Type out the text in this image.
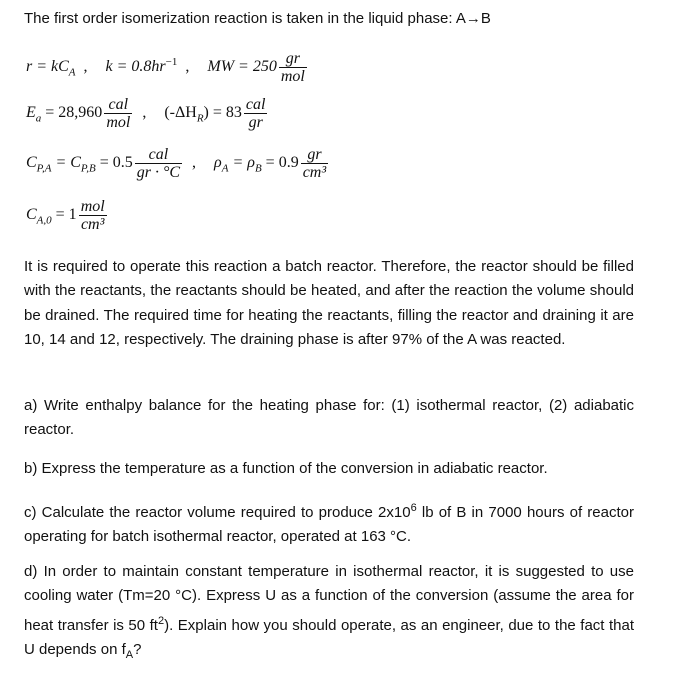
The first order isomerization reaction is taken in the liquid phase: A→B
$r = kC_A$ , $k = 0.8hr^{-1}$ , MW = $250 \frac{gr}{\text{mol}}$
$E_a = 28,960 \frac{\text{cal}}{\text{mol}}$ , $(-\Delta H_R) = 83 \frac{\text{cal}}{gr}$
$C_{P,A} = C_{P,B} = 0.5 \frac{\text{cal}}{gr \cdot ^\circ C}$ , $\rho_A = \rho_B = 0.9 \frac{gr}{\text{cm³}}$
$C_{A,0} = 1 \frac{\text{mol}}{\text{cm³}}$
It is required to operate this reaction a batch reactor. Therefore, the reactor should be filled with the reactants, the reactants should be heated, and after the reaction the volume should be drained. The required time for heating the reactants, filling the reactor and draining it are 10, 14 and 12, respectively. The draining phase is after 97% of the A was reacted.
a) Write enthalpy balance for the heating phase for: (1) isothermal reactor, (2) adiabatic reactor.
b) Express the temperature as a function of the conversion in adiabatic reactor.
c) Calculate the reactor volume required to produce $2x10^6$ lb of B in 7000 hours of reactor operating for batch isothermal reactor, operated at 163 °C.
d) In order to maintain constant temperature in isothermal reactor, it is suggested to use cooling water (Tm=20 °C). Express U as a function of the conversion (assume the area for heat transfer is 50 $ft^2$). Explain how you should operate, as an engineer, due to the fact that U depends on $f_A$?
